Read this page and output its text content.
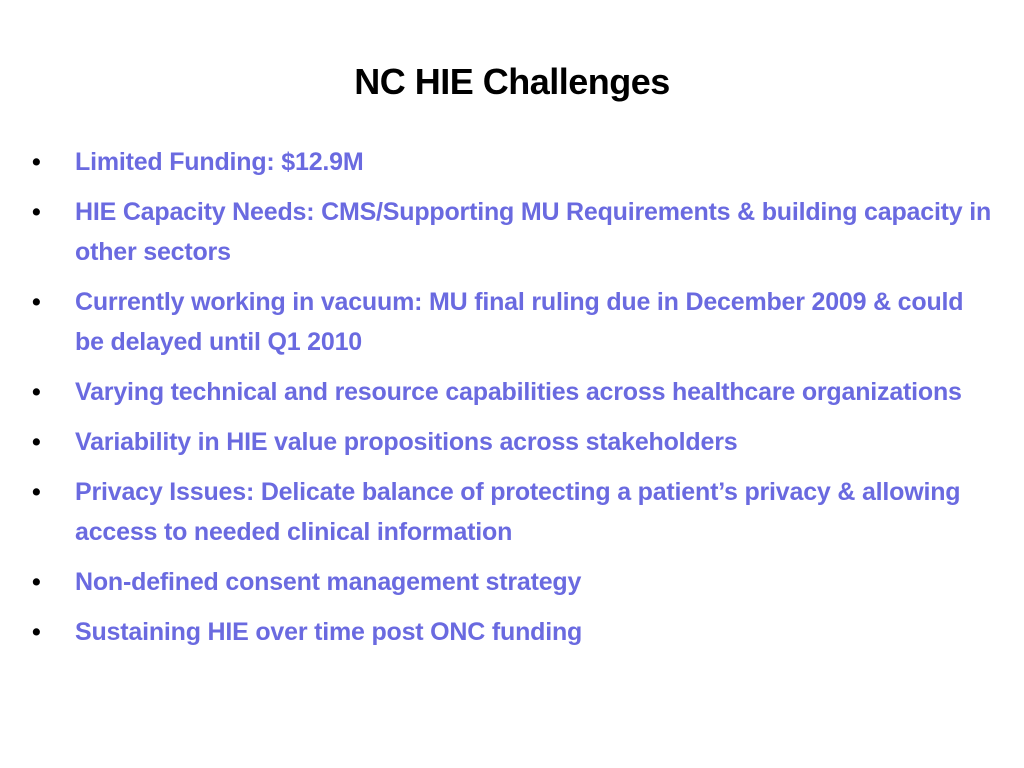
NC HIE Challenges
•	Limited Funding: $12.9M
•	HIE Capacity Needs: CMS/Supporting MU Requirements & building capacity in other sectors
•	Currently working in vacuum: MU final ruling due in December 2009 & could be delayed until Q1 2010
•	Varying technical and resource capabilities across healthcare organizations
•	Variability in HIE value propositions across stakeholders
•	Privacy Issues: Delicate balance of protecting a patient’s privacy & allowing access to needed clinical information
•	Non-defined consent management strategy
•	Sustaining HIE over time post ONC funding
